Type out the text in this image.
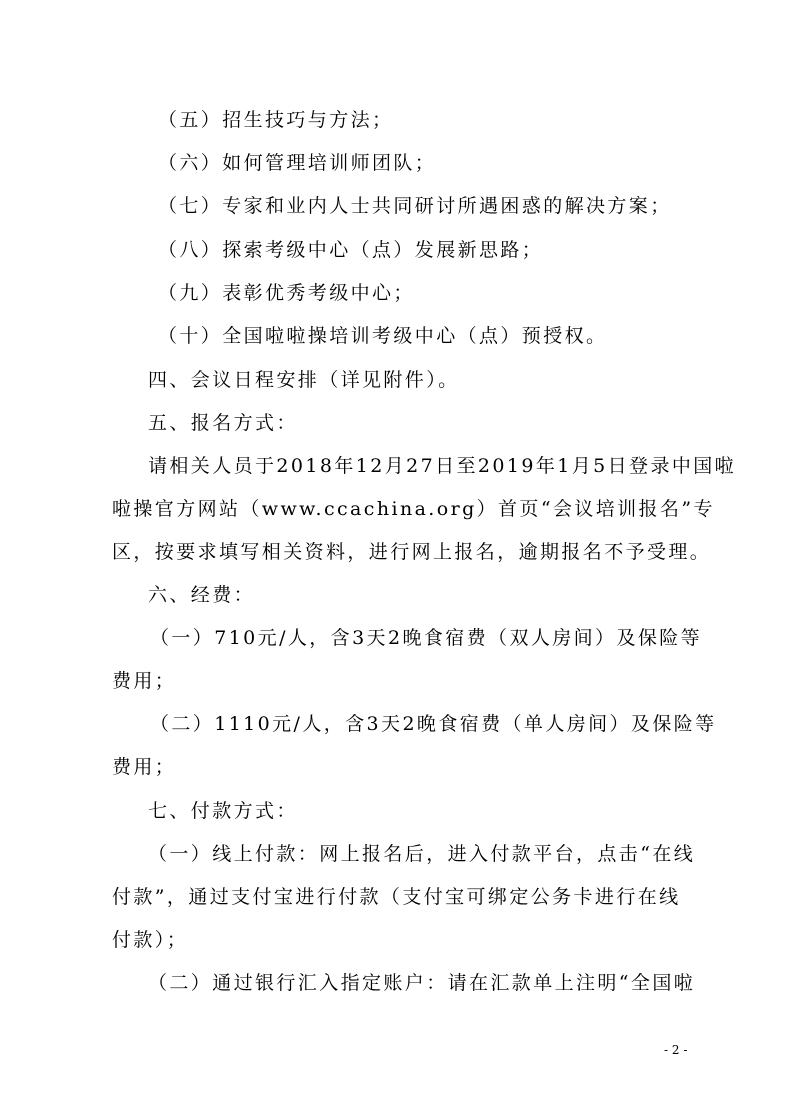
（五）招生技巧与方法；
（六）如何管理培训师团队；
（七）专家和业内人士共同研讨所遇困惑的解决方案；
（八）探索考级中心（点）发展新思路；
（九）表彰优秀考级中心；
（十）全国啦啦操培训考级中心（点）预授权。
四、会议日程安排（详见附件）。
五、报名方式：
请相关人员于2018年12月27日至2019年1月5日登录中国啦
啦操官方网站（www.ccachina.org）首页“会议培训报名”专
区，按要求填写相关资料，进行网上报名，逾期报名不予受理。
六、经费：
（一）710元/人，含3天2晚食宿费（双人房间）及保险等
费用；
（二）1110元/人，含3天2晚食宿费（单人房间）及保险等
费用；
七、付款方式：
（一）线上付款：网上报名后，进入付款平台，点击“在线
付款”，通过支付宝进行付款（支付宝可绑定公务卡进行在线
付款）；
（二）通过银行汇入指定账户：请在汇款单上注明“全国啦
- 2 -
